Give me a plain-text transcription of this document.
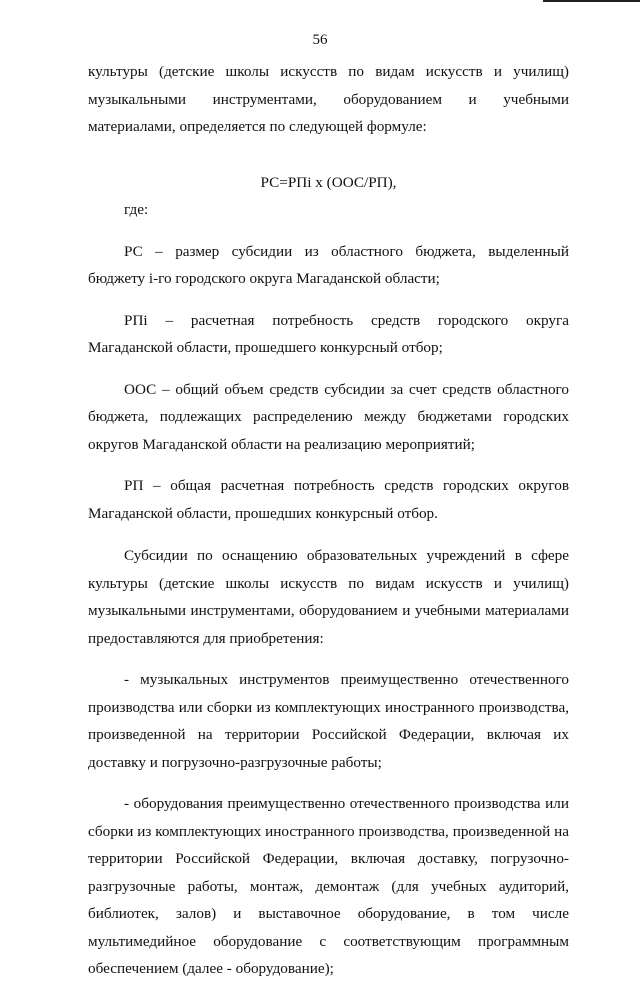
56

культуры (детские школы искусств по видам искусств и училищ) музыкальными инструментами, оборудованием и учебными материалами, определяется по следующей формуле:

РС=РПi x (ООС/РП),

где:

РС – размер субсидии из областного бюджета, выделенный бюджету i-го городского округа Магаданской области;

РПi – расчетная потребность средств городского округа Магаданской области, прошедшего конкурсный отбор;

ООС – общий объем средств субсидии за счет средств областного бюджета, подлежащих распределению между бюджетами городских округов Магаданской области на реализацию мероприятий;

РП – общая расчетная потребность средств городских округов Магаданской области, прошедших конкурсный отбор.

Субсидии по оснащению образовательных учреждений в сфере культуры (детские школы искусств по видам искусств и училищ) музыкальными инструментами, оборудованием и учебными материалами предоставляются для приобретения:

- музыкальных инструментов преимущественно отечественного производства или сборки из комплектующих иностранного производства, произведенной на территории Российской Федерации, включая их доставку и погрузочно-разгрузочные работы;

- оборудования преимущественно отечественного производства или сборки из комплектующих иностранного производства, произведенной на территории Российской Федерации, включая доставку, погрузочно-разгрузочные работы, монтаж, демонтаж (для учебных аудиторий, библиотек, залов) и выставочное оборудование, в том числе мультимедийное оборудование с соответствующим программным обеспечением (далее - оборудование);
